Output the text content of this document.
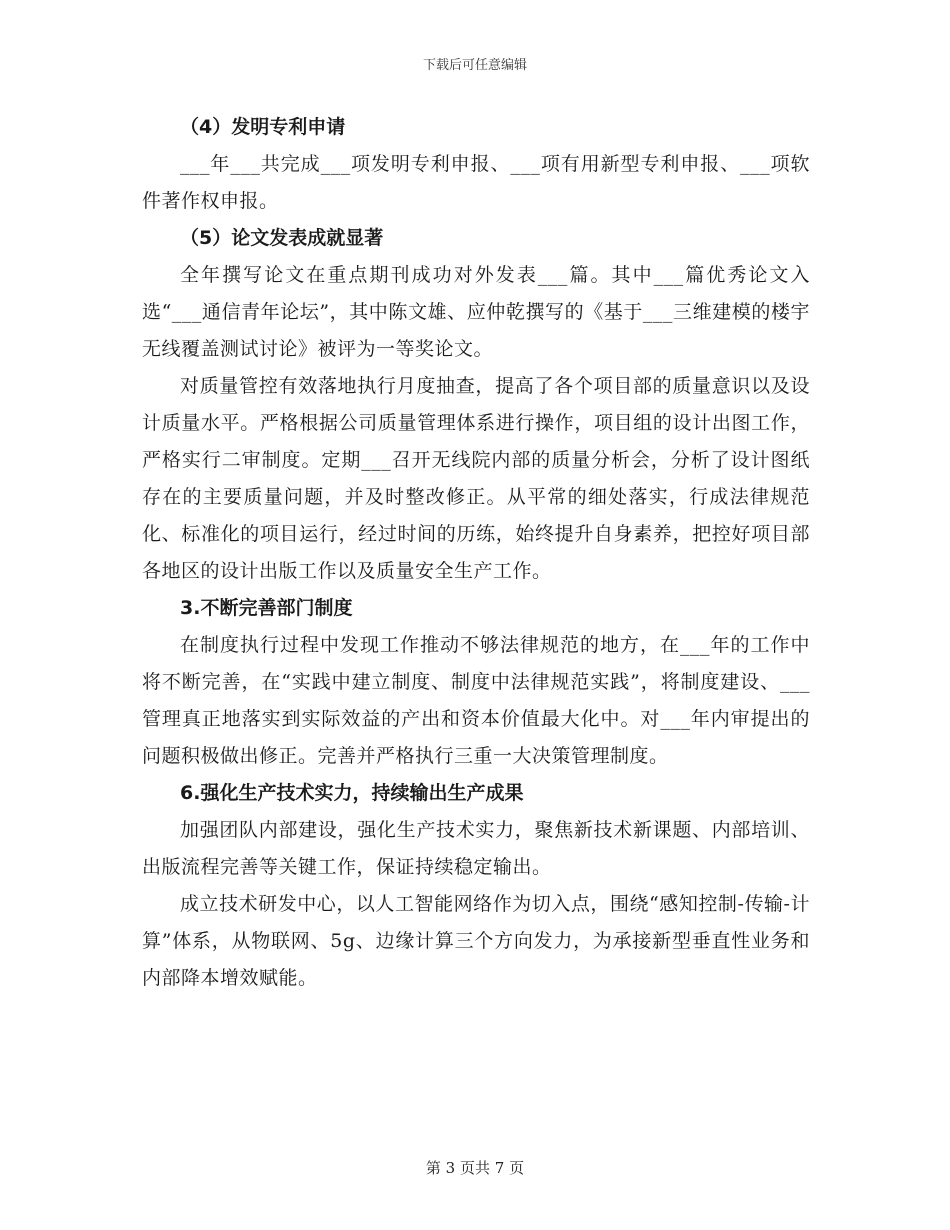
下载后可任意编辑
（4）发明专利申请

___年___共完成___项发明专利申报、___项有用新型专利申报、___项软件著作权申报。

（5）论文发表成就显著

全年撰写论文在重点期刊成功对外发表___篇。其中___篇优秀论文入选“___通信青年论坛”，其中陈文雄、应仲乾撰写的《基于___三维建模的楼宇无线覆盖测试讨论》被评为一等奖论文。

对质量管控有效落地执行月度抽查，提高了各个项目部的质量意识以及设计质量水平。严格根据公司质量管理体系进行操作，项目组的设计出图工作，严格实行二审制度。定期___召开无线院内部的质量分析会，分析了设计图纸存在的主要质量问题，并及时整改修正。从平常的细处落实，行成法律规范化、标准化的项目运行，经过时间的历练，始终提升自身素养，把控好项目部各地区的设计出版工作以及质量安全生产工作。

3.不断完善部门制度

在制度执行过程中发现工作推动不够法律规范的地方，在___年的工作中将不断完善，在“实践中建立制度、制度中法律规范实践”，将制度建设、___管理真正地落实到实际效益的产出和资本价值最大化中。对___年内审提出的问题积极做出修正。完善并严格执行三重一大决策管理制度。

6.强化生产技术实力，持续输出生产成果

加强团队内部建设，强化生产技术实力，聚焦新技术新课题、内部培训、出版流程完善等关键工作，保证持续稳定输出。

成立技术研发中心，以人工智能网络作为切入点，围绕“感知控制-传输-计算”体系，从物联网、5g、边缘计算三个方向发力，为承接新型垂直性业务和内部降本增效赋能。

第 3 页共 7 页
